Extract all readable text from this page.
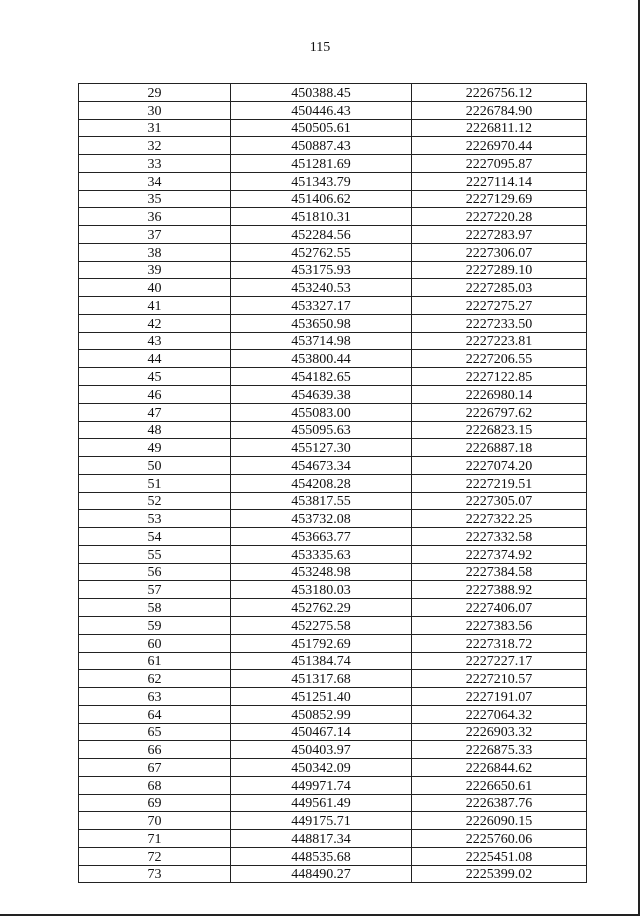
115
29	450388.45	2226756.12
30	450446.43	2226784.90
31	450505.61	2226811.12
32	450887.43	2226970.44
33	451281.69	2227095.87
34	451343.79	2227114.14
35	451406.62	2227129.69
36	451810.31	2227220.28
37	452284.56	2227283.97
38	452762.55	2227306.07
39	453175.93	2227289.10
40	453240.53	2227285.03
41	453327.17	2227275.27
42	453650.98	2227233.50
43	453714.98	2227223.81
44	453800.44	2227206.55
45	454182.65	2227122.85
46	454639.38	2226980.14
47	455083.00	2226797.62
48	455095.63	2226823.15
49	455127.30	2226887.18
50	454673.34	2227074.20
51	454208.28	2227219.51
52	453817.55	2227305.07
53	453732.08	2227322.25
54	453663.77	2227332.58
55	453335.63	2227374.92
56	453248.98	2227384.58
57	453180.03	2227388.92
58	452762.29	2227406.07
59	452275.58	2227383.56
60	451792.69	2227318.72
61	451384.74	2227227.17
62	451317.68	2227210.57
63	451251.40	2227191.07
64	450852.99	2227064.32
65	450467.14	2226903.32
66	450403.97	2226875.33
67	450342.09	2226844.62
68	449971.74	2226650.61
69	449561.49	2226387.76
70	449175.71	2226090.15
71	448817.34	2225760.06
72	448535.68	2225451.08
73	448490.27	2225399.02
